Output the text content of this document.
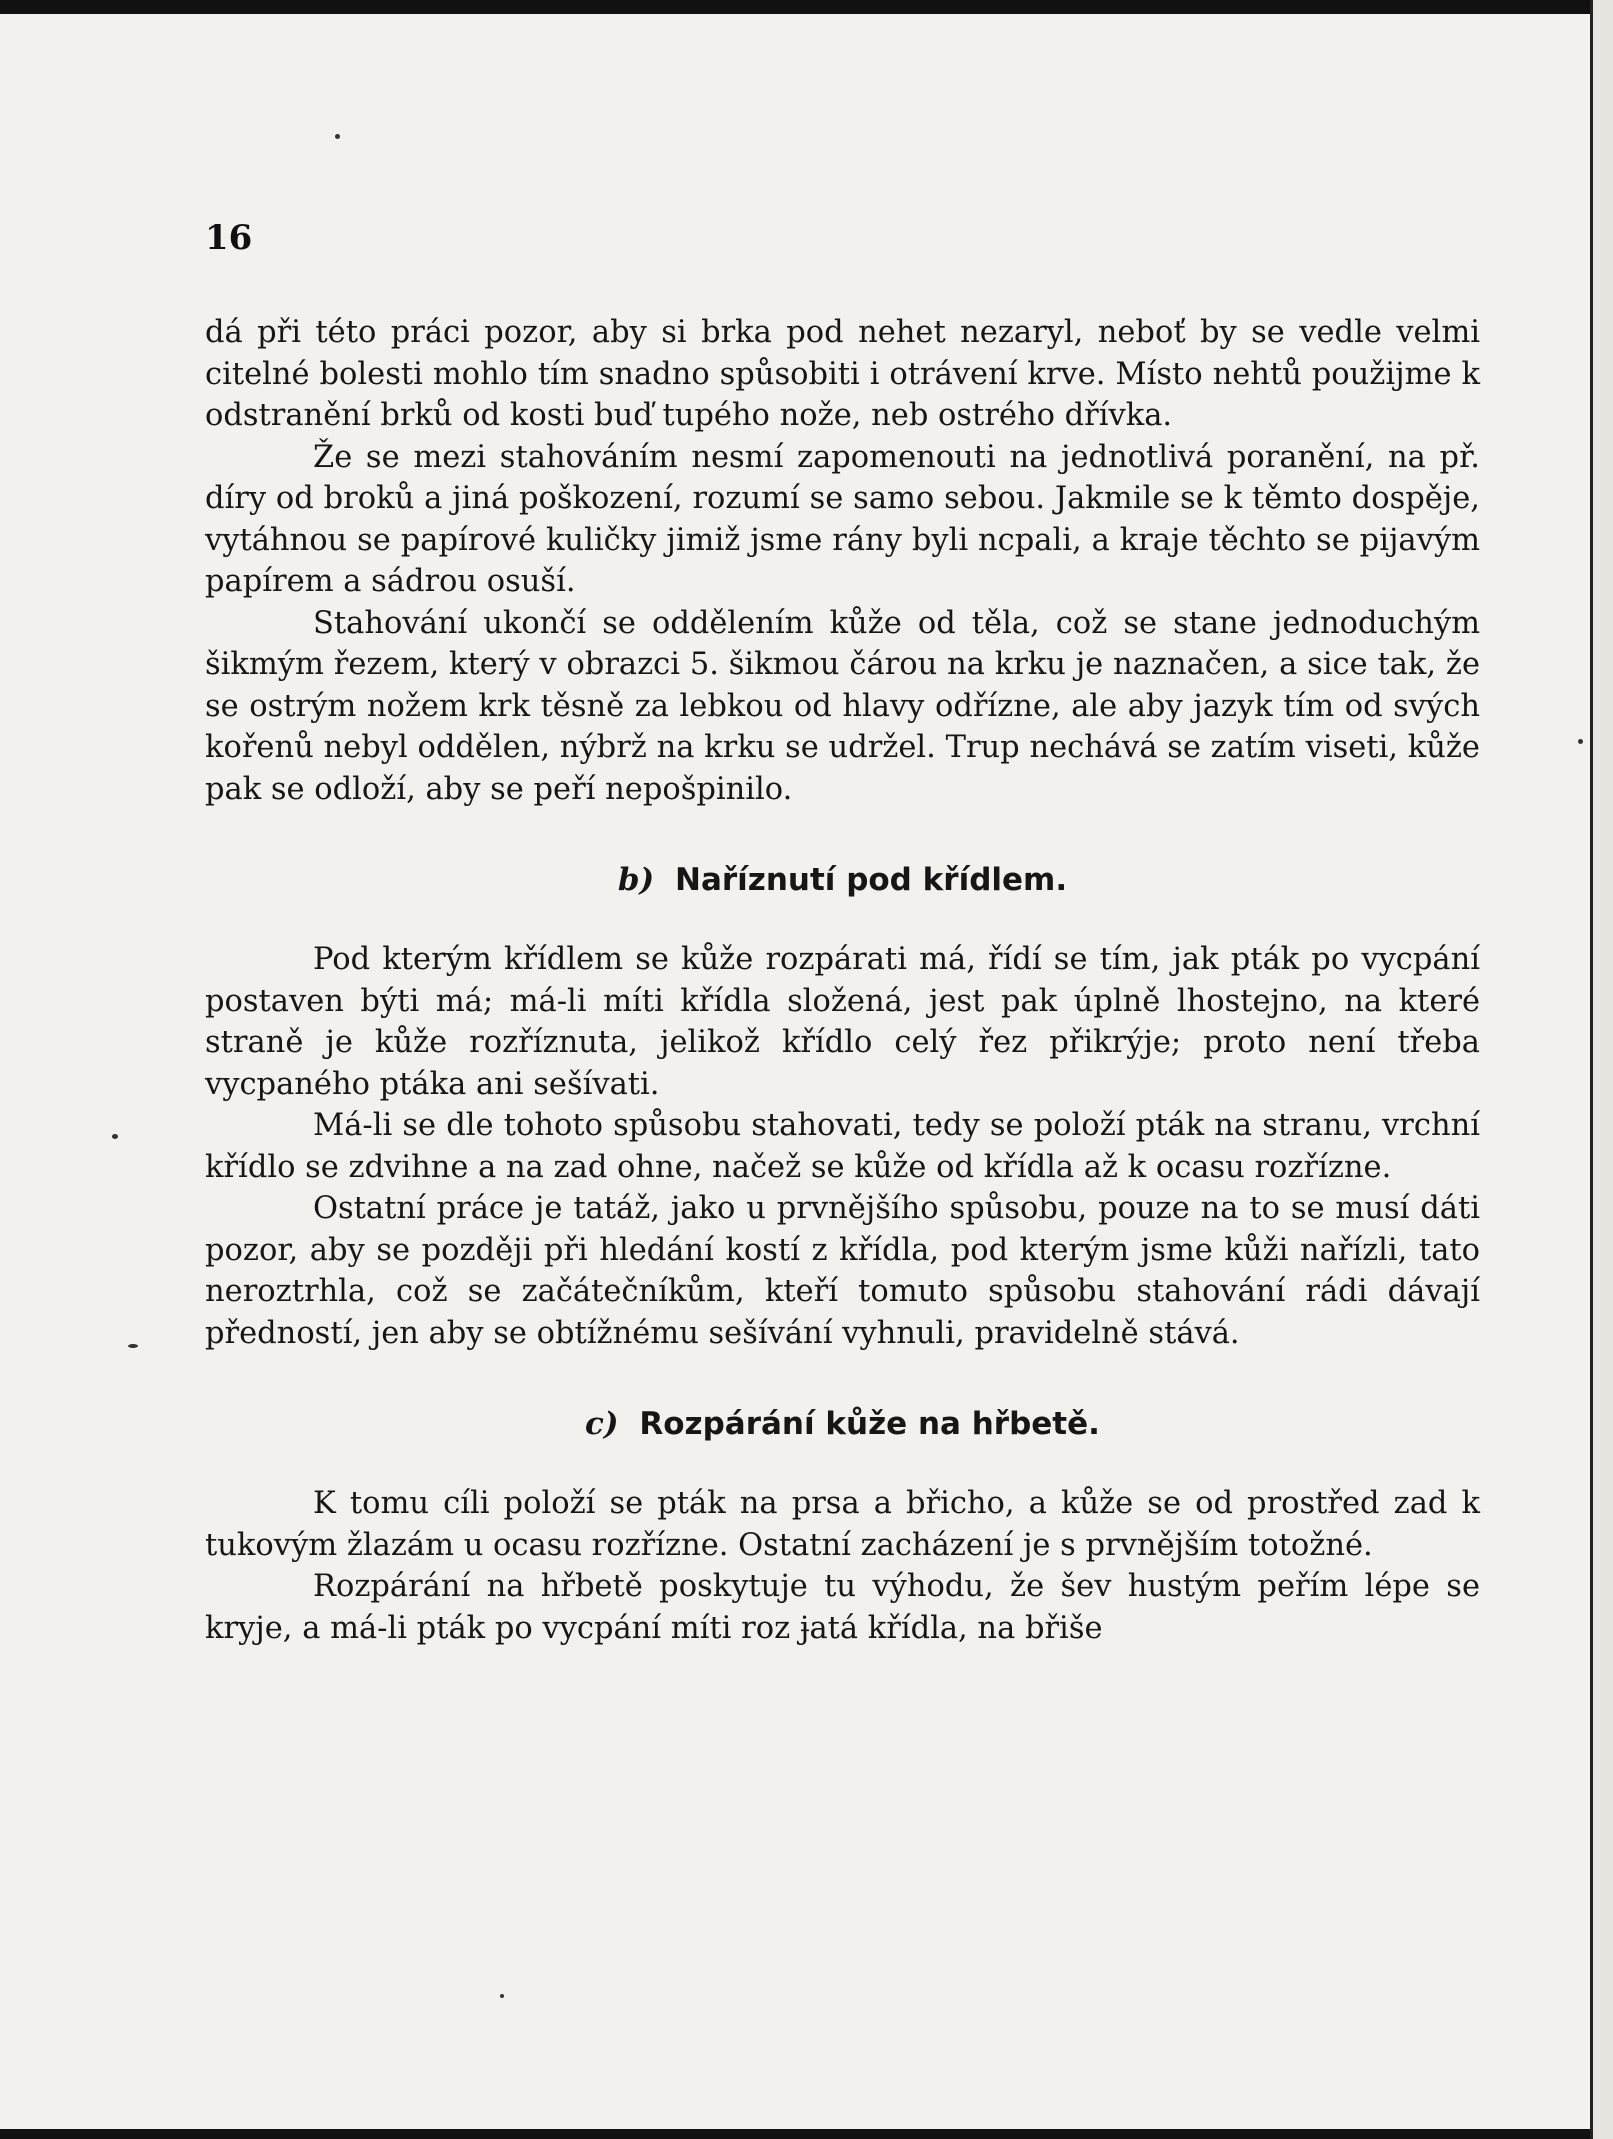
16

dá při této práci pozor, aby si brka pod nehet nezaryl, neboť by se vedle velmi citelné bolesti mohlo tím snadno spůsobiti i otrávení krve. Místo nehtů použijme k odstranění brků od kosti buď tupého nože, neb ostrého dřívka.

Že se mezi stahováním nesmí zapomenouti na jednotlivá poranění, na př. díry od broků a jiná poškození, rozumí se samo sebou. Jakmile se k těmto dospěje, vytáhnou se papírové kuličky jimiž jsme rány byli ncpali, a kraje těchto se pijavým papírem a sádrou osuší.

Stahování ukončí se oddělením kůže od těla, což se stane jednoduchým šikmým řezem, který v obrazci 5. šikmou čárou na krku je naznačen, a sice tak, že se ostrým nožem krk těsně za lebkou od hlavy odřízne, ale aby jazyk tím od svých kořenů nebyl oddělen, nýbrž na krku se udržel. Trup nechává se zatím viseti, kůže pak se odloží, aby se peří nepošpinilo.

b) Naříznutí pod křídlem.

Pod kterým křídlem se kůže rozpárati má, řídí se tím, jak pták po vycpání postaven býti má; má-li míti křídla složená, jest pak úplně lhostejno, na které straně je kůže rozříznuta, jelikož křídlo celý řez přikrýje; proto není třeba vycpaného ptáka ani sešívati.

Má-li se dle tohoto spůsobu stahovati, tedy se položí pták na stranu, vrchní křídlo se zdvihne a na zad ohne, načež se kůže od křídla až k ocasu rozřízne.

Ostatní práce je tatáž, jako u prvnějšího spůsobu, pouze na to se musí dáti pozor, aby se později při hledání kostí z křídla, pod kterým jsme kůži nařízli, tato neroztrhla, což se začátečníkům, kteří tomuto spůsobu stahování rádi dávají předností, jen aby se obtížnému sešívání vyhnuli, pravidelně stává.

c) Rozpárání kůže na hřbetě.

K tomu cíli položí se pták na prsa a břicho, a kůže se od prostřed zad k tukovým žlazám u ocasu rozřízne. Ostatní zacházení je s prvnějším totožné.

Rozpárání na hřbetě poskytuje tu výhodu, že šev hustým peřím lépe se kryje, a má-li pták po vycpání míti roz ɉatá křídla, na břiše
